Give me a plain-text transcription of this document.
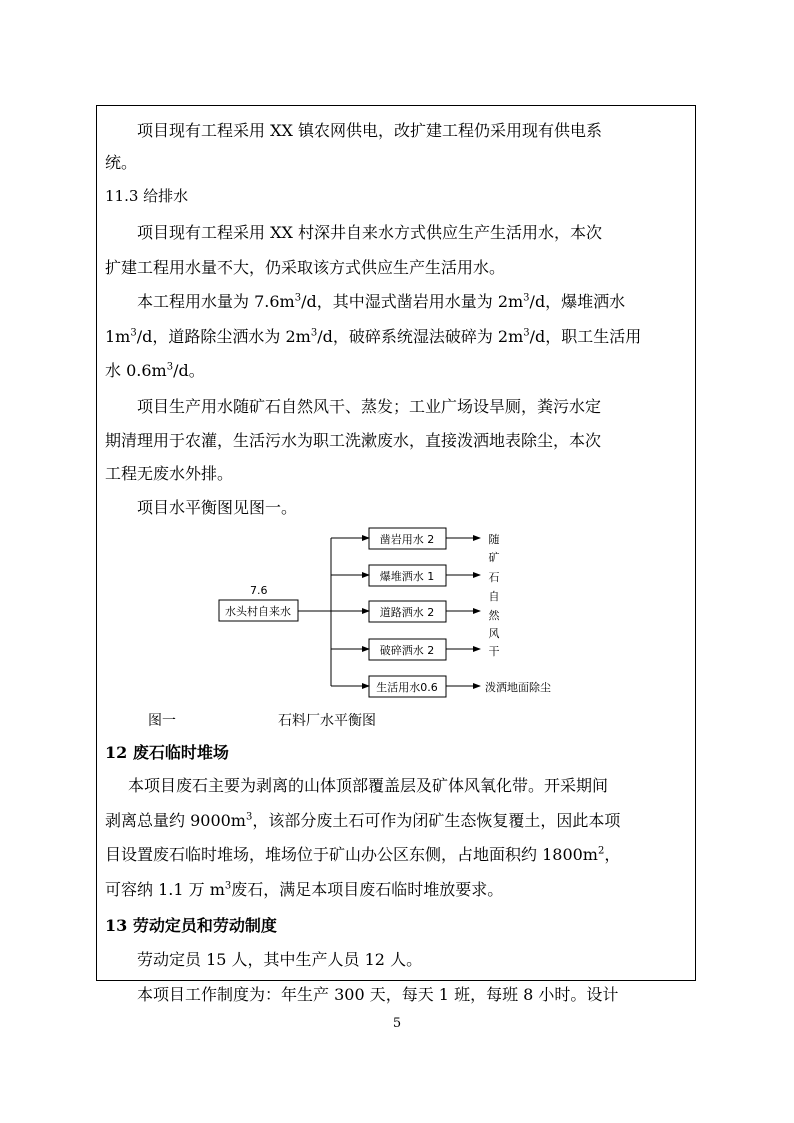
项目现有工程采用 XX 镇农网供电，改扩建工程仍采用现有供电系
统。
11.3 给排水
项目现有工程采用 XX 村深井自来水方式供应生产生活用水，本次
扩建工程用水量不大，仍采取该方式供应生产生活用水。
本工程用水量为 $7.6m^3/d$，其中湿式凿岩用水量为 $2m^3/d$，爆堆洒水
$1m^3/d$，道路除尘洒水为 $2m^3/d$，破碎系统湿法破碎为 $2m^3/d$，职工生活用
水 $0.6m^3/d$。
项目生产用水随矿石自然风干、蒸发；工业广场设旱厕，粪污水定
期清理用于农灌，生活污水为职工洗漱废水，直接泼洒地表除尘，本次
工程无废水外排。
项目水平衡图见图一。
7.6
水头村自来水
凿岩用水 2
爆堆洒水 1
道路洒水 2
破碎洒水 2
生活用水0.6
随
矿
石
自
然
风
干
泼洒地面除尘
图一	石料厂水平衡图
12 废石临时堆场
本项目废石主要为剥离的山体顶部覆盖层及矿体风氧化带。开采期间
剥离总量约 $9000m^3$，该部分废土石可作为闭矿生态恢复覆土，因此本项
目设置废石临时堆场，堆场位于矿山办公区东侧，占地面积约 $1800m^2$，
可容纳 1.1 万 $m^3$废石，满足本项目废石临时堆放要求。
13 劳动定员和劳动制度
劳动定员 15 人，其中生产人员 12 人。
本项目工作制度为：年生产 300 天，每天 1 班，每班 8 小时。设计
5
